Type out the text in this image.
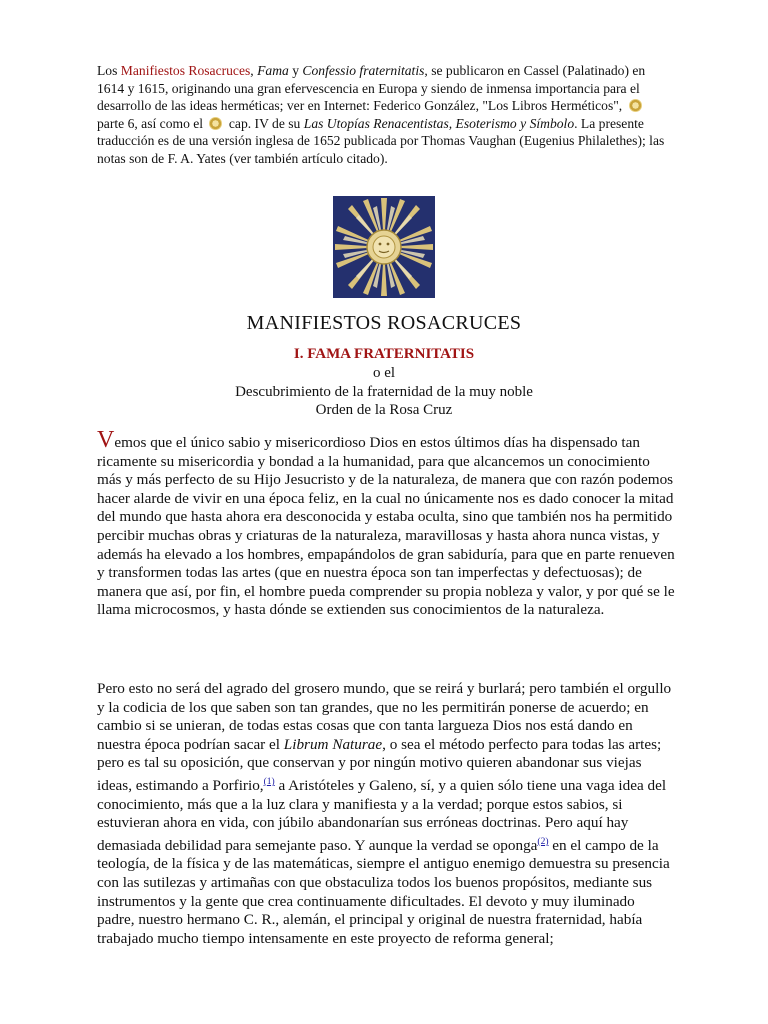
Los Manifiestos Rosacruces, Fama y Confessio fraternitatis, se publicaron en Cassel (Palatinado) en 1614 y 1615, originando una gran efervescencia en Europa y siendo de inmensa importancia para el desarrollo de las ideas herméticas; ver en Internet: Federico González, "Los Libros Herméticos",  parte 6, así como el  cap. IV de su Las Utopías Renacentistas, Esoterismo y Símbolo. La presente traducción es de una versión inglesa de 1652 publicada por Thomas Vaughan (Eugenius Philalethes); las notas son de F. A. Yates (ver también artículo citado).
MANIFIESTOS ROSACRUCES
I. FAMA FRATERNITATIS
o el
Descubrimiento de la fraternidad de la muy noble
Orden de la Rosa Cruz
Vemos que el único sabio y misericordioso Dios en estos últimos días ha dispensado tan ricamente su misericordia y bondad a la humanidad, para que alcancemos un conocimiento más y más perfecto de su Hijo Jesucristo y de la naturaleza, de manera que con razón podemos hacer alarde de vivir en una época feliz, en la cual no únicamente nos es dado conocer la mitad del mundo que hasta ahora era desconocida y estaba oculta, sino que también nos ha permitido percibir muchas obras y criaturas de la naturaleza, maravillosas y hasta ahora nunca vistas, y además ha elevado a los hombres, empapándolos de gran sabiduría, para que en parte renueven y transformen todas las artes (que en nuestra época son tan imperfectas y defectuosas); de manera que así, por fin, el hombre pueda comprender su propia nobleza y valor, y por qué se le llama microcosmos, y hasta dónde se extienden sus conocimientos de la naturaleza.
Pero esto no será del agrado del grosero mundo, que se reirá y burlará; pero también el orgullo y la codicia de los que saben son tan grandes, que no les permitirán ponerse de acuerdo; en cambio si se unieran, de todas estas cosas que con tanta largueza Dios nos está dando en nuestra época podrían sacar el Librum Naturae, o sea el método perfecto para todas las artes; pero es tal su oposición, que conservan y por ningún motivo quieren abandonar sus viejas ideas, estimando a Porfirio,$^{(1)}$ a Aristóteles y Galeno, sí, y a quien sólo tiene una vaga idea del conocimiento, más que a la luz clara y manifiesta y a la verdad; porque estos sabios, si estuvieran ahora en vida, con júbilo abandonarían sus erróneas doctrinas. Pero aquí hay demasiada debilidad para semejante paso. Y aunque la verdad se oponga$^{(2)}$ en el campo de la teología, de la física y de las matemáticas, siempre el antiguo enemigo demuestra su presencia con las sutilezas y artimañas con que obstaculiza todos los buenos propósitos, mediante sus instrumentos y la gente que crea continuamente dificultades. El devoto y muy iluminado padre, nuestro hermano C. R., alemán, el principal y original de nuestra fraternidad, había trabajado mucho tiempo intensamente en este proyecto de reforma general;
